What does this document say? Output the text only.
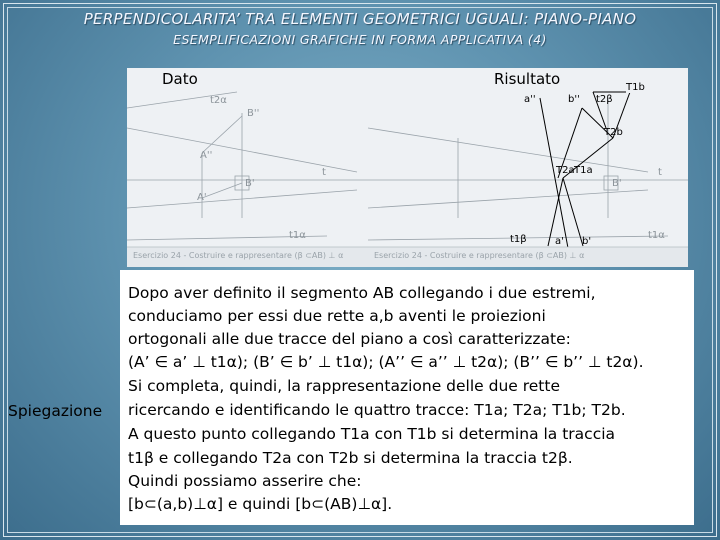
PERPENDICOLARITA’ TRA ELEMENTI GEOMETRICI UGUALI: PIANO-PIANO
ESEMPLIFICAZIONI GRAFICHE IN FORMA APPLICATIVA (4)
Dato
t2α
B''
A''
A'
B'
t
t1α
Esercizio 24 - Costruire e rappresentare (β ⊂AB) ⊥ α
Risultato
a''	b'' t2β
T1b
T2b
T2a T1a
t1β	a' b'
B'
t
t1α
Esercizio 24 - Costruire e rappresentare (β ⊂AB) ⊥ α
Spiegazione
Dopo aver definito il segmento AB collegando i due estremi,
conduciamo per essi due rette a,b aventi le proiezioni
ortogonali alle due tracce del piano a così caratterizzate:
(A’ ∈ a’ ⊥ t1α); (B’ ∈ b’ ⊥ t1α); (A’’ ∈ a’’ ⊥ t2α); (B’’ ∈ b’’ ⊥ t2α).
Si completa, quindi, la rappresentazione delle due rette
ricercando e identificando le quattro tracce: T1a; T2a; T1b; T2b.
A questo punto collegando T1a con T1b si determina la traccia
t1β e collegando T2a con T2b si determina la traccia t2β.
Quindi possiamo asserire che:
[b⊂(a,b)⊥α] e quindi [b⊂(AB)⊥α].
